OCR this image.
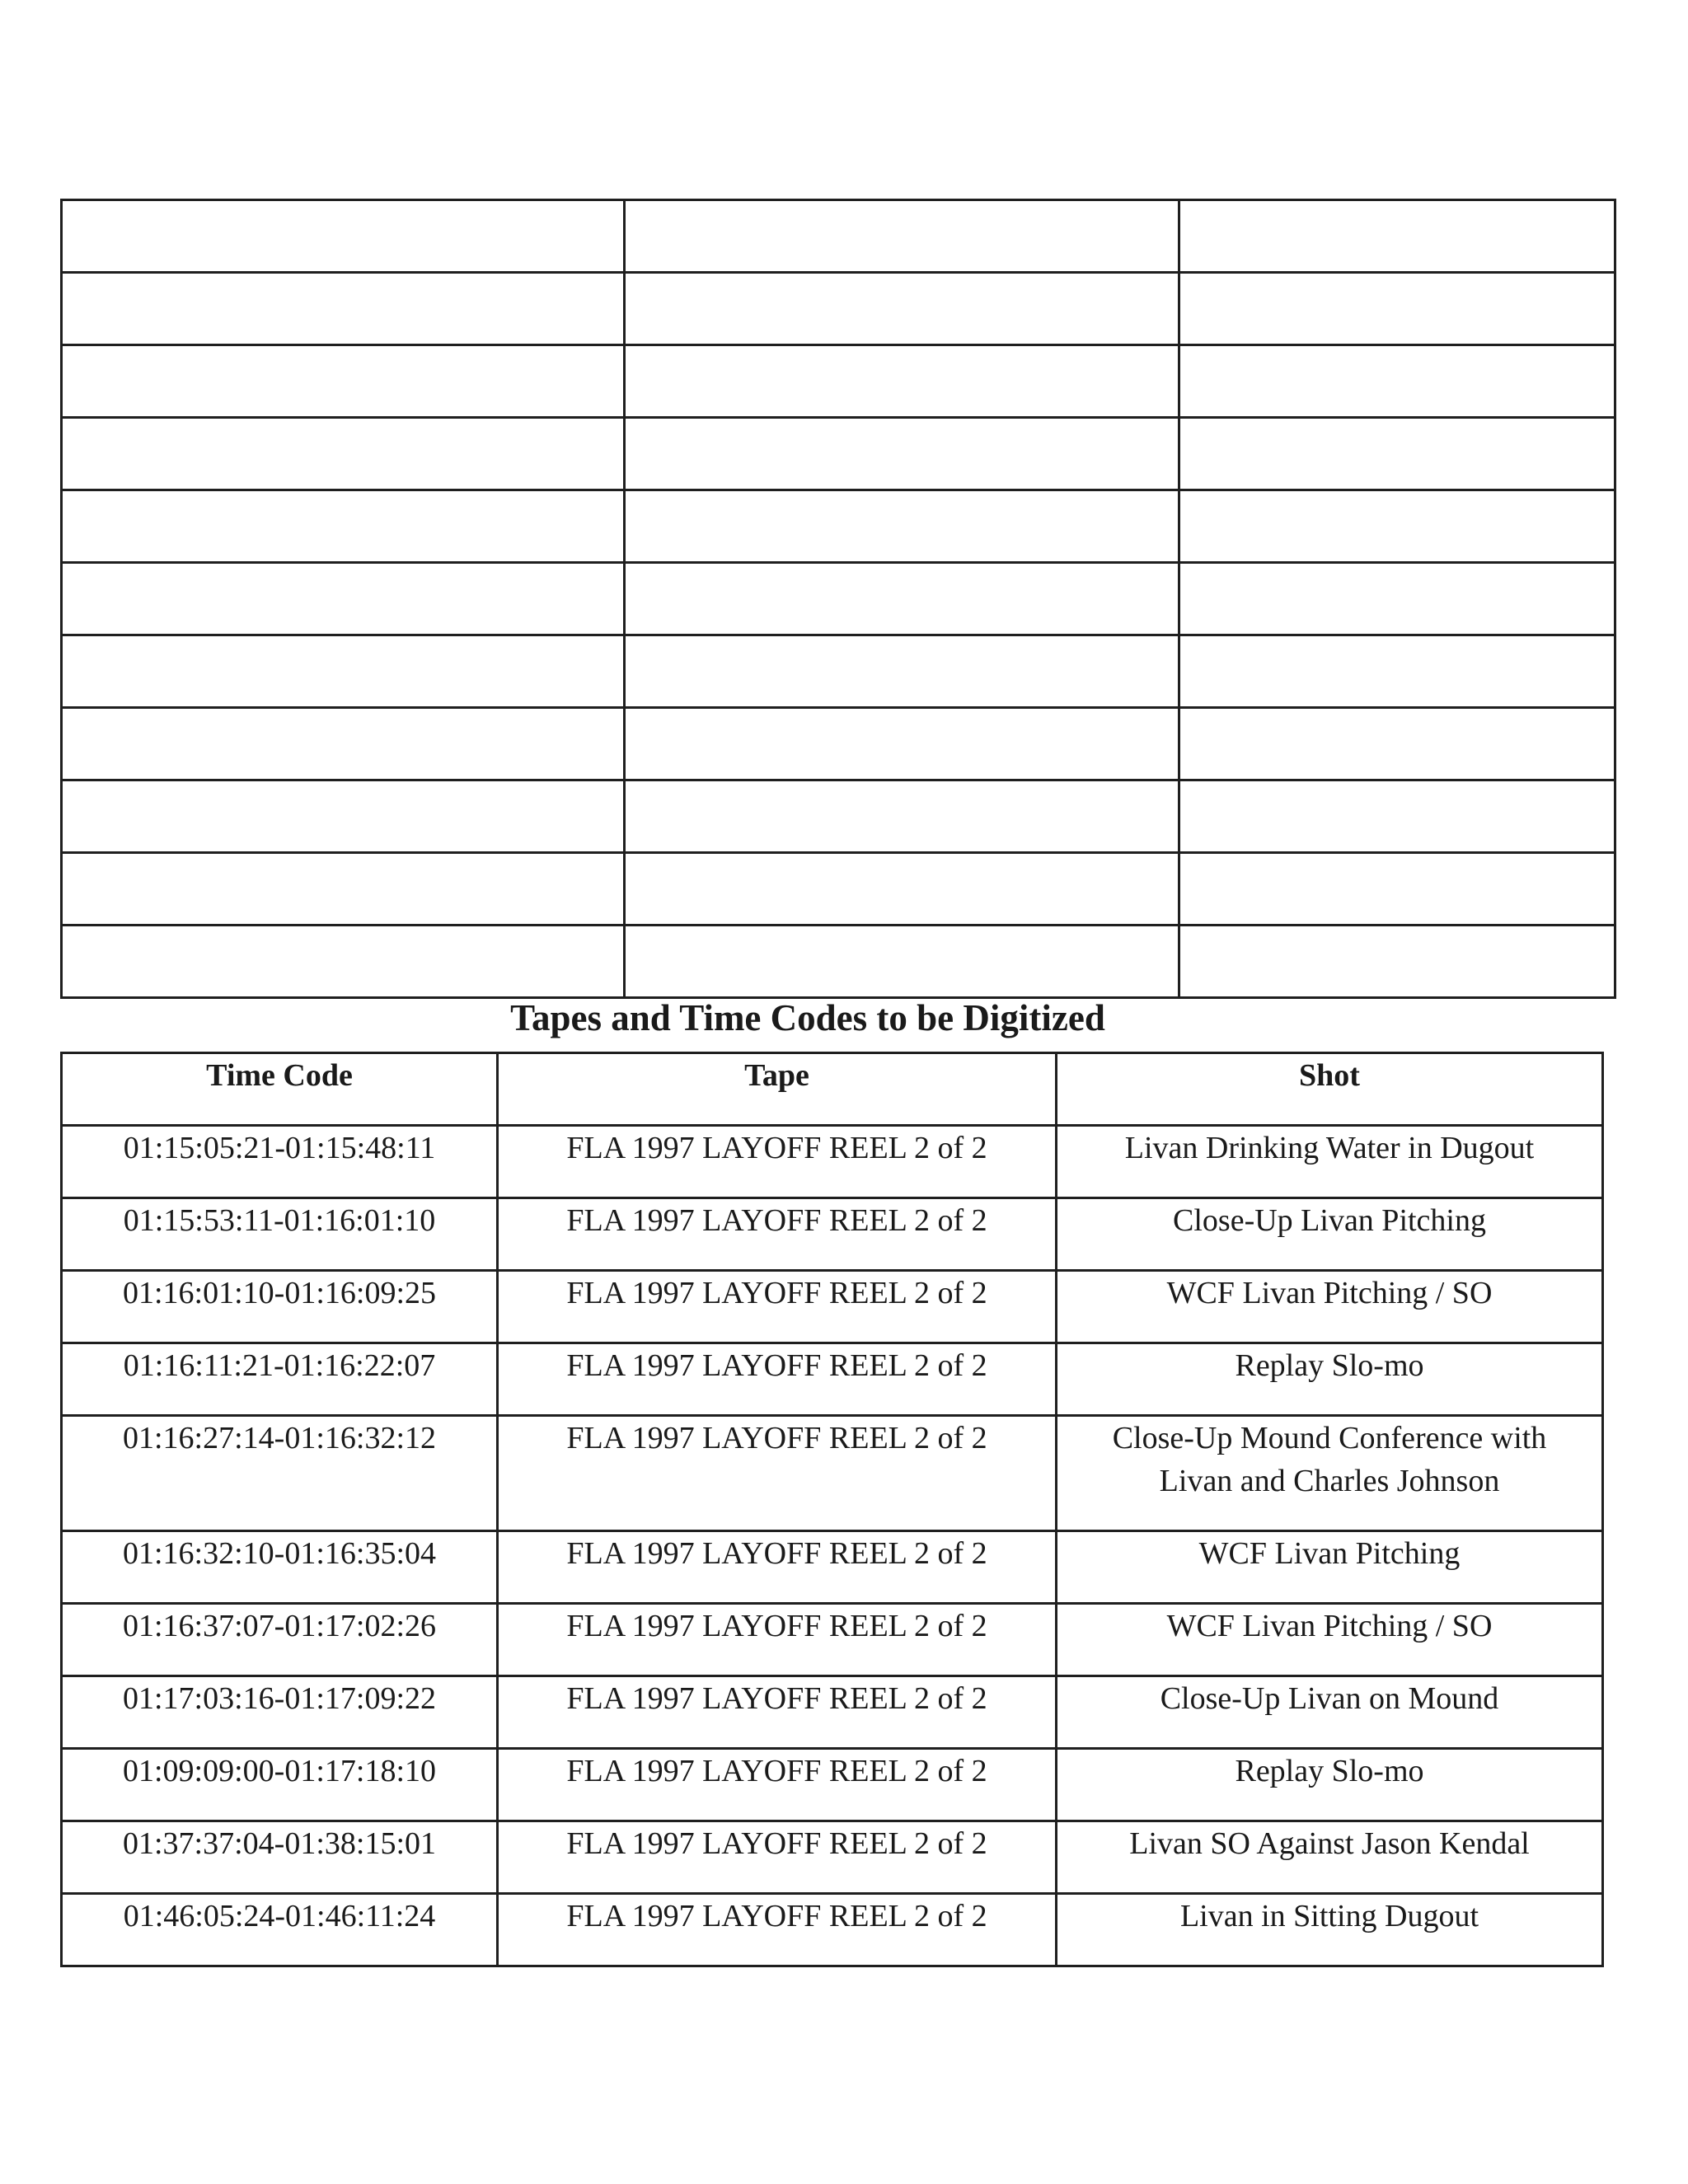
Tapes and Time Codes to be Digitized
Time Code	Tape	Shot
01:15:05:21-01:15:48:11	FLA 1997 LAYOFF REEL 2 of 2	Livan Drinking Water in Dugout
01:15:53:11-01:16:01:10	FLA 1997 LAYOFF REEL 2 of 2	Close-Up Livan Pitching
01:16:01:10-01:16:09:25	FLA 1997 LAYOFF REEL 2 of 2	WCF Livan Pitching / SO
01:16:11:21-01:16:22:07	FLA 1997 LAYOFF REEL 2 of 2	Replay Slo-mo
01:16:27:14-01:16:32:12	FLA 1997 LAYOFF REEL 2 of 2	Close-Up Mound Conference with
Livan and Charles Johnson

01:16:32:10-01:16:35:04	FLA 1997 LAYOFF REEL 2 of 2	WCF Livan Pitching
01:16:37:07-01:17:02:26	FLA 1997 LAYOFF REEL 2 of 2	WCF Livan Pitching / SO
01:17:03:16-01:17:09:22	FLA 1997 LAYOFF REEL 2 of 2	Close-Up Livan on Mound
01:09:09:00-01:17:18:10	FLA 1997 LAYOFF REEL 2 of 2	Replay Slo-mo
01:37:37:04-01:38:15:01	FLA 1997 LAYOFF REEL 2 of 2	Livan SO Against Jason Kendal
01:46:05:24-01:46:11:24	FLA 1997 LAYOFF REEL 2 of 2	Livan in Sitting Dugout
